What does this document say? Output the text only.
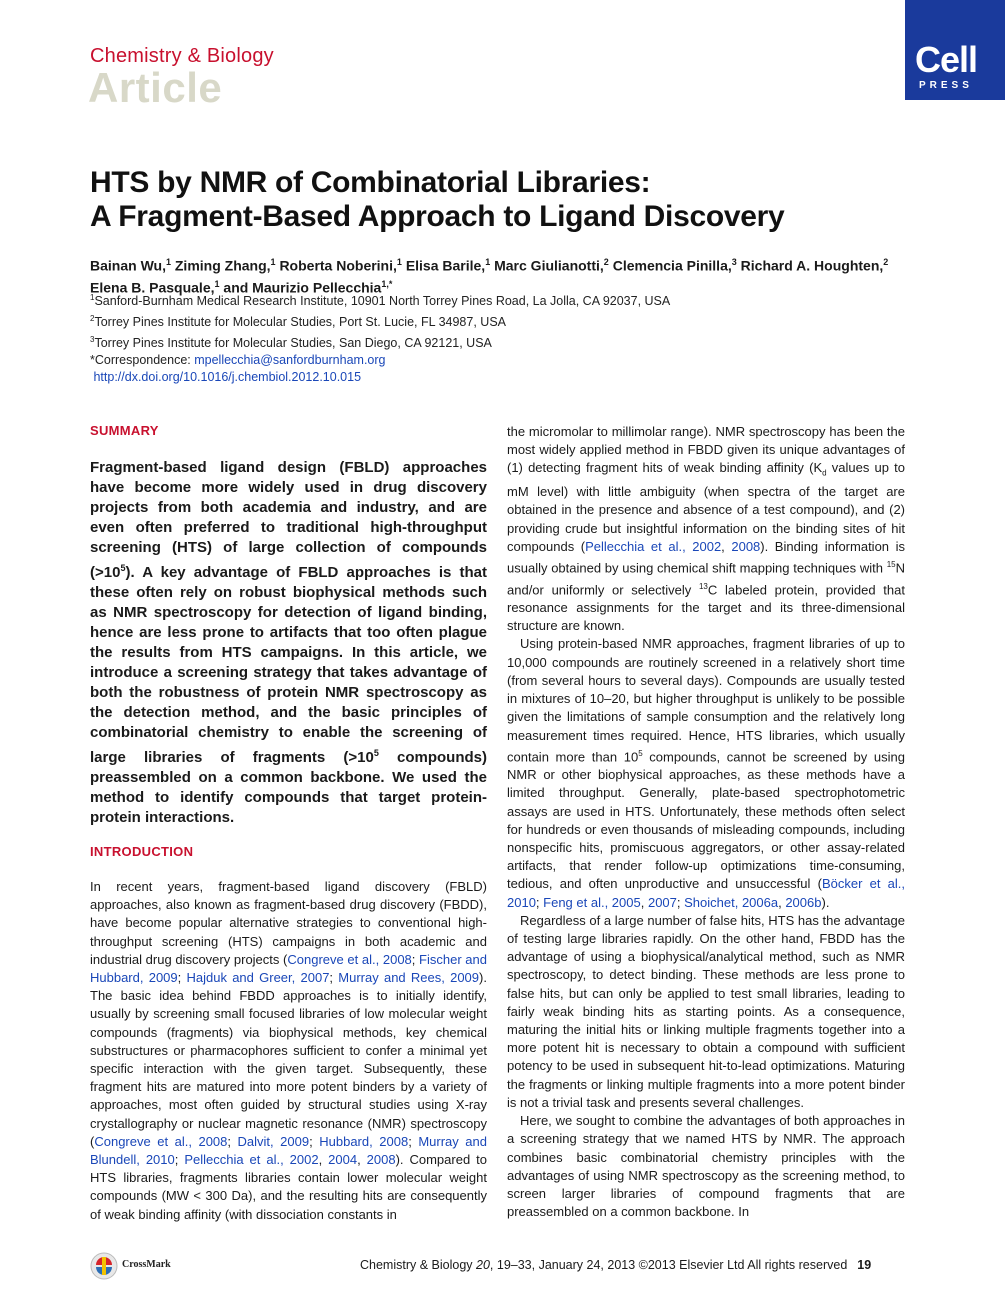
Chemistry & Biology
Article
Cell
PRESS
HTS by NMR of Combinatorial Libraries:
A Fragment-Based Approach to Ligand Discovery
Bainan Wu,$^1$ Ziming Zhang,$^1$ Roberta Noberini,$^1$ Elisa Barile,$^1$ Marc Giulianotti,$^2$ Clemencia Pinilla,$^3$ Richard A. Houghten,$^2$ Elena B. Pasquale,$^1$ and Maurizio Pellecchia$^{1,*}$
$^1$Sanford-Burnham Medical Research Institute, 10901 North Torrey Pines Road, La Jolla, CA 92037, USA
$^2$Torrey Pines Institute for Molecular Studies, Port St. Lucie, FL 34987, USA
$^3$Torrey Pines Institute for Molecular Studies, San Diego, CA 92121, USA
*Correspondence: mpellecchia@sanfordburnham.org
http://dx.doi.org/10.1016/j.chembiol.2012.10.015
SUMMARY
Fragment-based ligand design (FBLD) approaches have become more widely used in drug discovery projects from both academia and industry, and are even often preferred to traditional high-throughput screening (HTS) of large collection of compounds $(>10^5)$. A key advantage of FBLD approaches is that these often rely on robust biophysical methods such as NMR spectroscopy for detection of ligand binding, hence are less prone to artifacts that too often plague the results from HTS campaigns. In this article, we introduce a screening strategy that takes advantage of both the robustness of protein NMR spectroscopy as the detection method, and the basic principles of combinatorial chemistry to enable the screening of large libraries of fragments ($>10^5$ compounds) preassembled on a common backbone. We used the method to identify compounds that target protein-protein interactions.
INTRODUCTION
In recent years, fragment-based ligand discovery (FBLD) approaches, also known as fragment-based drug discovery (FBDD), have become popular alternative strategies to conventional high-throughput screening (HTS) campaigns in both academic and industrial drug discovery projects (Congreve et al., 2008; Fischer and Hubbard, 2009; Hajduk and Greer, 2007; Murray and Rees, 2009). The basic idea behind FBDD approaches is to initially identify, usually by screening small focused libraries of low molecular weight compounds (fragments) via biophysical methods, key chemical substructures or pharmacophores sufficient to confer a minimal yet specific interaction with the given target. Subsequently, these fragment hits are matured into more potent binders by a variety of approaches, most often guided by structural studies using X-ray crystallography or nuclear magnetic resonance (NMR) spectroscopy (Congreve et al., 2008; Dalvit, 2009; Hubbard, 2008; Murray and Blundell, 2010; Pellecchia et al., 2002, 2004, 2008). Compared to HTS libraries, fragments libraries contain lower molecular weight compounds (MW < 300 Da), and the resulting hits are consequently of weak binding affinity (with dissociation constants in

the micromolar to millimolar range). NMR spectroscopy has been the most widely applied method in FBDD given its unique advantages of (1) detecting fragment hits of weak binding affinity ($K_d$ values up to mM level) with little ambiguity (when spectra of the target are obtained in the presence and absence of a test compound), and (2) providing crude but insightful information on the binding sites of hit compounds (Pellecchia et al., 2002, 2008). Binding information is usually obtained by using chemical shift mapping techniques with $^{15}$N and/or uniformly or selectively $^{13}$C labeled protein, provided that resonance assignments for the target and its three-dimensional structure are known.

Using protein-based NMR approaches, fragment libraries of up to 10,000 compounds are routinely screened in a relatively short time (from several hours to several days). Compounds are usually tested in mixtures of 10–20, but higher throughput is unlikely to be possible given the limitations of sample consumption and the relatively long measurement times required. Hence, HTS libraries, which usually contain more than $10^5$ compounds, cannot be screened by using NMR or other biophysical approaches, as these methods have a limited throughput. Generally, plate-based spectrophotometric assays are used in HTS. Unfortunately, these methods often select for hundreds or even thousands of misleading compounds, including nonspecific hits, promiscuous aggregators, or other assay-related artifacts, that render follow-up optimizations time-consuming, tedious, and often unproductive and unsuccessful (Böcker et al., 2010; Feng et al., 2005, 2007; Shoichet, 2006a, 2006b).

Regardless of a large number of false hits, HTS has the advantage of testing large libraries rapidly. On the other hand, FBDD has the advantage of using a biophysical/analytical method, such as NMR spectroscopy, to detect binding. These methods are less prone to false hits, but can only be applied to test small libraries, leading to fairly weak binding hits as starting points. As a consequence, maturing the initial hits or linking multiple fragments together into a more potent hit is necessary to obtain a compound with sufficient potency to be used in subsequent hit-to-lead optimizations. Maturing the fragments or linking multiple fragments into a more potent binder is not a trivial task and presents several challenges.

Here, we sought to combine the advantages of both approaches in a screening strategy that we named HTS by NMR. The approach combines basic combinatorial chemistry principles with the advantages of using NMR spectroscopy as the screening method, to screen larger libraries of compound fragments that are preassembled on a common backbone. In

CrossMark	Chemistry & Biology 20, 19–33, January 24, 2013 ©2013 Elsevier Ltd All rights reserved 19
